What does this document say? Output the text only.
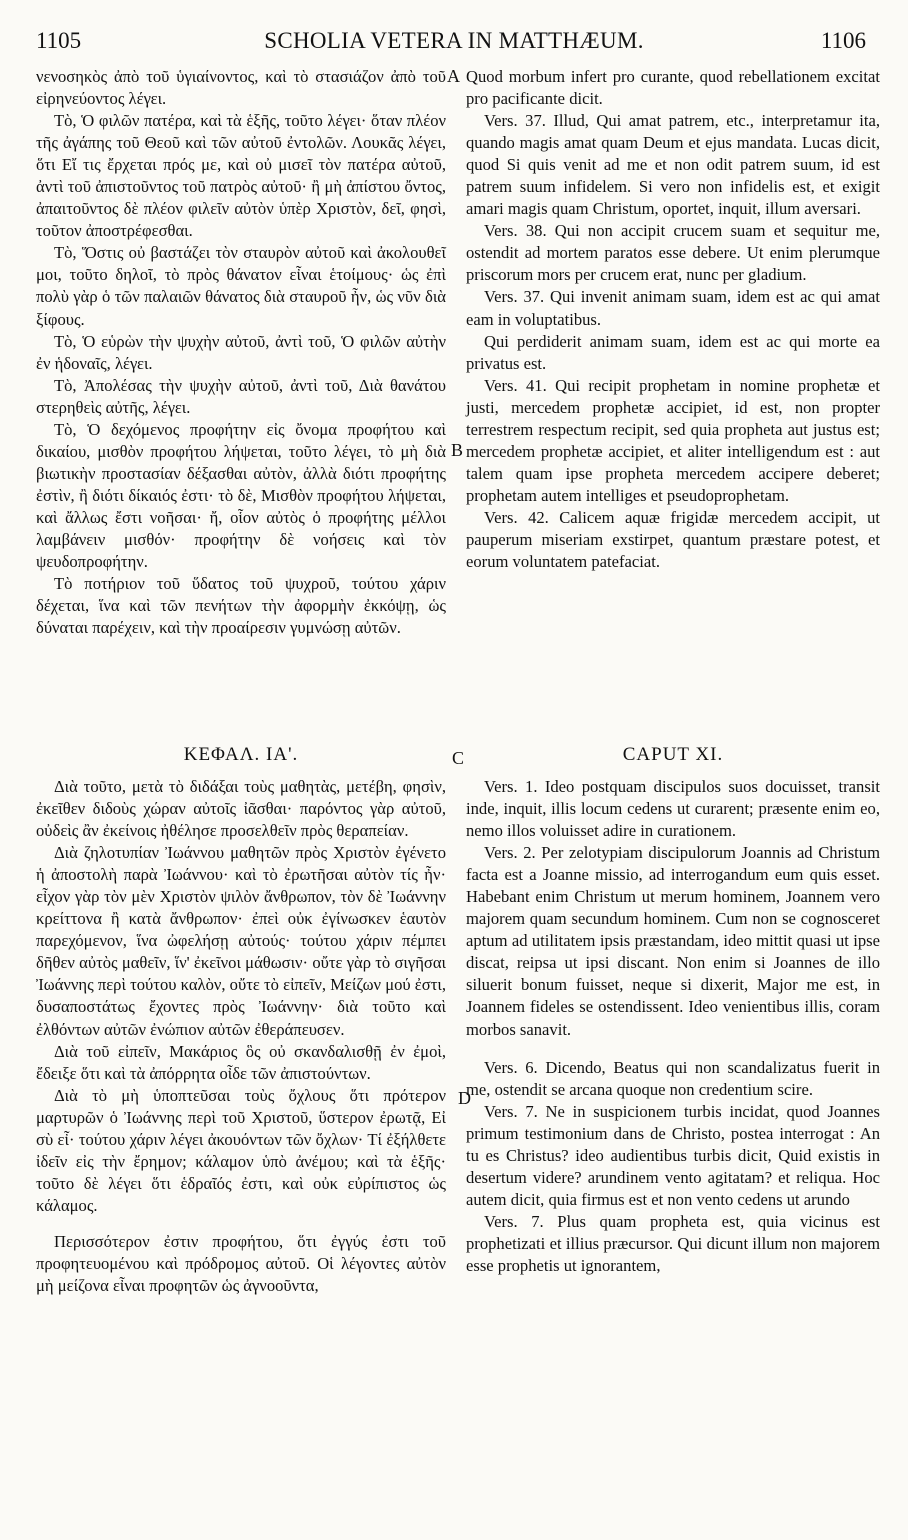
1105	SCHOLIA VETERA IN MATTHÆUM.	1106
A
B
C
D

νενοσηκὸς ἀπὸ τοῦ ὑγιαίνοντος, καὶ τὸ στασιάζον ἀπὸ τοῦ εἰρηνεύοντος λέγει.

Τὸ, Ὁ φιλῶν πατέρα, καὶ τὰ ἑξῆς, τοῦτο λέγει· ὅταν πλέον τῆς ἀγάπης τοῦ Θεοῦ καὶ τῶν αὐτοῦ ἐντολῶν. Λουκᾶς λέγει, ὅτι Εἴ τις ἔρχεται πρός με, καὶ οὐ μισεῖ τὸν πατέρα αὐτοῦ, ἀντὶ τοῦ ἀπιστοῦντος τοῦ πατρὸς αὐτοῦ· ἢ μὴ ἀπίστου ὄντος, ἀπαιτοῦντος δὲ πλέον φιλεῖν αὐτὸν ὑπὲρ Χριστὸν, δεῖ, φησὶ, τοῦτον ἀποστρέφεσθαι.

Τὸ, Ὅστις οὐ βαστάζει τὸν σταυρὸν αὐτοῦ καὶ ἀκολουθεῖ μοι, τοῦτο δηλοῖ, τὸ πρὸς θάνατον εἶναι ἑτοίμους· ὡς ἐπὶ πολὺ γὰρ ὁ τῶν παλαιῶν θάνατος διὰ σταυροῦ ἦν, ὡς νῦν διὰ ξίφους.

Τὸ, Ὁ εὑρὼν τὴν ψυχὴν αὐτοῦ, ἀντὶ τοῦ, Ὁ φιλῶν αὐτὴν ἐν ἡδοναῖς, λέγει.

Τὸ, Ἀπολέσας τὴν ψυχὴν αὐτοῦ, ἀντὶ τοῦ, Διὰ θανάτου στερηθεὶς αὐτῆς, λέγει.

Τὸ, Ὁ δεχόμενος προφήτην εἰς ὄνομα προφήτου καὶ δικαίου, μισθὸν προφήτου λήψεται, τοῦτο λέγει, τὸ μὴ διὰ βιωτικὴν προστασίαν δέξασθαι αὐτὸν, ἀλλὰ διότι προφήτης ἐστὶν, ἢ διότι δίκαιός ἐστι· τὸ δὲ, Μισθὸν προφήτου λήψεται, καὶ ἄλλως ἔστι νοῆσαι· ἤ, οἷον αὐτὸς ὁ προφήτης μέλλοι λαμβάνειν μισθόν· προφήτην δὲ νοήσεις καὶ τὸν ψευδοπροφήτην.

Τὸ ποτήριον τοῦ ὕδατος τοῦ ψυχροῦ, τούτου χάριν δέχεται, ἵνα καὶ τῶν πενήτων τὴν ἀφορμὴν ἐκκόψῃ, ὡς δύναται παρέχειν, καὶ τὴν προαίρεσιν γυμνώσῃ αὐτῶν.

Quod morbum infert pro curante, quod rebellationem excitat pro pacificante dicit.

Vers. 37. Illud, Qui amat patrem, etc., interpretamur ita, quando magis amat quam Deum et ejus mandata. Lucas dicit, quod Si quis venit ad me et non odit patrem suum, id est patrem suum infidelem. Si vero non infidelis est, et exigit amari magis quam Christum, oportet, inquit, illum aversari.

Vers. 38. Qui non accipit crucem suam et sequitur me, ostendit ad mortem paratos esse debere. Ut enim plerumque priscorum mors per crucem erat, nunc per gladium.

Vers. 37. Qui invenit animam suam, idem est ac qui amat eam in voluptatibus.

Qui perdiderit animam suam, idem est ac qui morte ea privatus est.

Vers. 41. Qui recipit prophetam in nomine prophetæ et justi, mercedem prophetæ accipiet, id est, non propter terrestrem respectum recipit, sed quia propheta aut justus est; mercedem prophetæ accipiet, et aliter intelligendum est : aut talem quam ipse propheta mercedem accipere deberet; prophetam autem intelliges et pseudoprophetam.

Vers. 42. Calicem aquæ frigidæ mercedem accipit, ut pauperum miseriam exstirpet, quantum præstare potest, et eorum voluntatem patefaciat.

ΚΕΦΑΛ. ΙΑ'.	CAPUT XI.

Διὰ τοῦτο, μετὰ τὸ διδάξαι τοὺς μαθητὰς, μετέβη, φησὶν, ἐκεῖθεν διδοὺς χώραν αὐτοῖς ἰᾶσθαι· παρόντος γὰρ αὐτοῦ, οὐδεὶς ἂν ἐκείνοις ἠθέλησε προσελθεῖν πρὸς θεραπείαν.

Διὰ ζηλοτυπίαν Ἰωάννου μαθητῶν πρὸς Χριστὸν ἐγένετο ἡ ἀποστολὴ παρὰ Ἰωάννου· καὶ τὸ ἐρωτῆσαι αὐτὸν τίς ἦν· εἶχον γὰρ τὸν μὲν Χριστὸν ψιλὸν ἄνθρωπον, τὸν δὲ Ἰωάννην κρείττονα ἢ κατὰ ἄνθρωπον· ἐπεὶ οὐκ ἐγίνωσκεν ἑαυτὸν παρεχόμενον, ἵνα ὠφελήσῃ αὐτούς· τούτου χάριν πέμπει δῆθεν αὐτὸς μαθεῖν, ἵν' ἐκεῖνοι μάθωσιν· οὔτε γὰρ τὸ σιγῆσαι Ἰωάννης περὶ τούτου καλὸν, οὔτε τὸ εἰπεῖν, Μείζων μού ἐστι, δυσαποστάτως ἔχοντες πρὸς Ἰωάννην· διὰ τοῦτο καὶ ἐλθόντων αὐτῶν ἐνώπιον αὐτῶν ἐθεράπευσεν.

Διὰ τοῦ εἰπεῖν, Μακάριος ὃς οὐ σκανδαλισθῇ ἐν ἐμοὶ, ἔδειξε ὅτι καὶ τὰ ἀπόρρητα οἶδε τῶν ἀπιστούντων.

Διὰ τὸ μὴ ὑποπτεῦσαι τοὺς ὄχλους ὅτι πρότερον μαρτυρῶν ὁ Ἰωάννης περὶ τοῦ Χριστοῦ, ὕστερον ἐρωτᾷ, Εἰ σὺ εἶ· τούτου χάριν λέγει ἀκουόντων τῶν ὄχλων· Τί ἐξήλθετε ἰδεῖν εἰς τὴν ἔρημον; κάλαμον ὑπὸ ἀνέμου; καὶ τὰ ἑξῆς· τοῦτο δὲ λέγει ὅτι ἑδραῖός ἐστι, καὶ οὐκ εὐρίπιστος ὡς κάλαμος.

Περισσότερον ἐστιν προφήτου, ὅτι ἐγγύς ἐστι τοῦ προφητευομένου καὶ πρόδρομος αὐτοῦ. Οἱ λέγοντες αὐτὸν μὴ μείζονα εἶναι προφητῶν ὡς ἀγνοοῦντα,

Vers. 1. Ideo postquam discipulos suos docuisset, transit inde, inquit, illis locum cedens ut curarent; præsente enim eo, nemo illos voluisset adire in curationem.

Vers. 2. Per zelotypiam discipulorum Joannis ad Christum facta est a Joanne missio, ad interrogandum eum quis esset. Habebant enim Christum ut merum hominem, Joannem vero majorem quam secundum hominem. Cum non se cognosceret aptum ad utilitatem ipsis præstandam, ideo mittit quasi ut ipse discat, reipsa ut ipsi discant. Non enim si Joannes de illo siluerit bonum fuisset, neque si dixerit, Major me est, in Joannem fideles se ostendissent. Ideo venientibus illis, coram morbos sanavit.

Vers. 6. Dicendo, Beatus qui non scandalizatus fuerit in me, ostendit se arcana quoque non credentium scire.

Vers. 7. Ne in suspicionem turbis incidat, quod Joannes primum testimonium dans de Christo, postea interrogat : An tu es Christus? ideo audientibus turbis dicit, Quid existis in desertum videre? arundinem vento agitatam? et reliqua. Hoc autem dicit, quia firmus est et non vento cedens ut arundo

Vers. 7. Plus quam propheta est, quia vicinus est prophetizati et illius præcursor. Qui dicunt illum non majorem esse prophetis ut ignorantem,
